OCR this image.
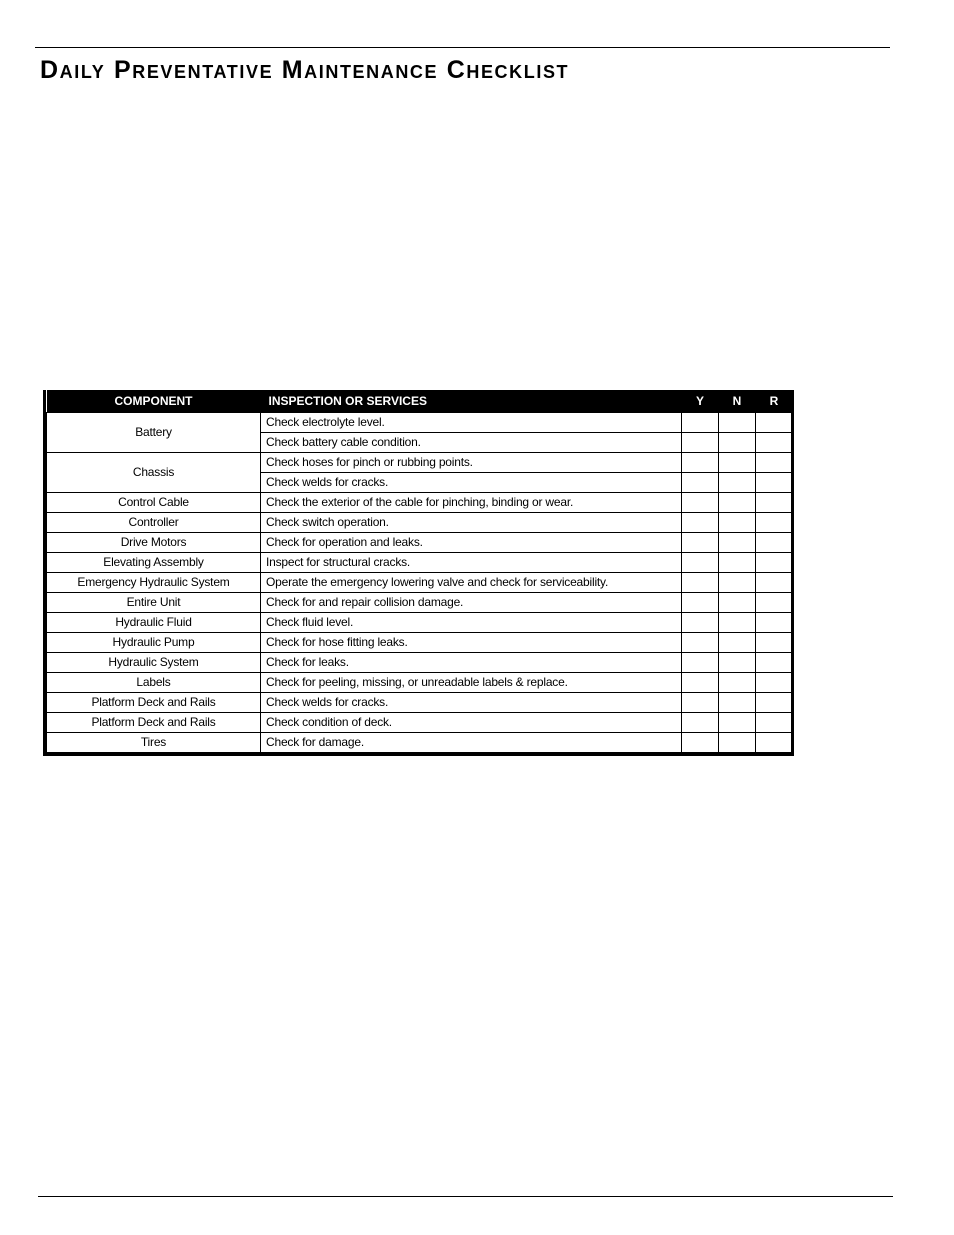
Daily Preventative Maintenance Checklist
COMPONENT	INSPECTION OR SERVICES	Y	N	R
Battery	Check electrolyte level.			
	Check battery cable condition.			
Chassis	Check hoses for pinch or rubbing points.			
	Check welds for cracks.			
Control Cable	Check the exterior of the cable for pinching, binding or wear.			
Controller	Check switch operation.			
Drive Motors	Check for operation and leaks.			
Elevating Assembly	Inspect for structural cracks.			
Emergency Hydraulic System	Operate the emergency lowering valve and check for serviceability.			
Entire Unit	Check for and repair collision damage.			
Hydraulic Fluid	Check fluid level.			
Hydraulic Pump	Check for hose fitting leaks.			
Hydraulic System	Check for leaks.			
Labels	Check for peeling, missing, or unreadable labels & replace.			
Platform Deck and Rails	Check welds for cracks.			
Platform Deck and Rails	Check condition of deck.			
Tires	Check for damage.			
